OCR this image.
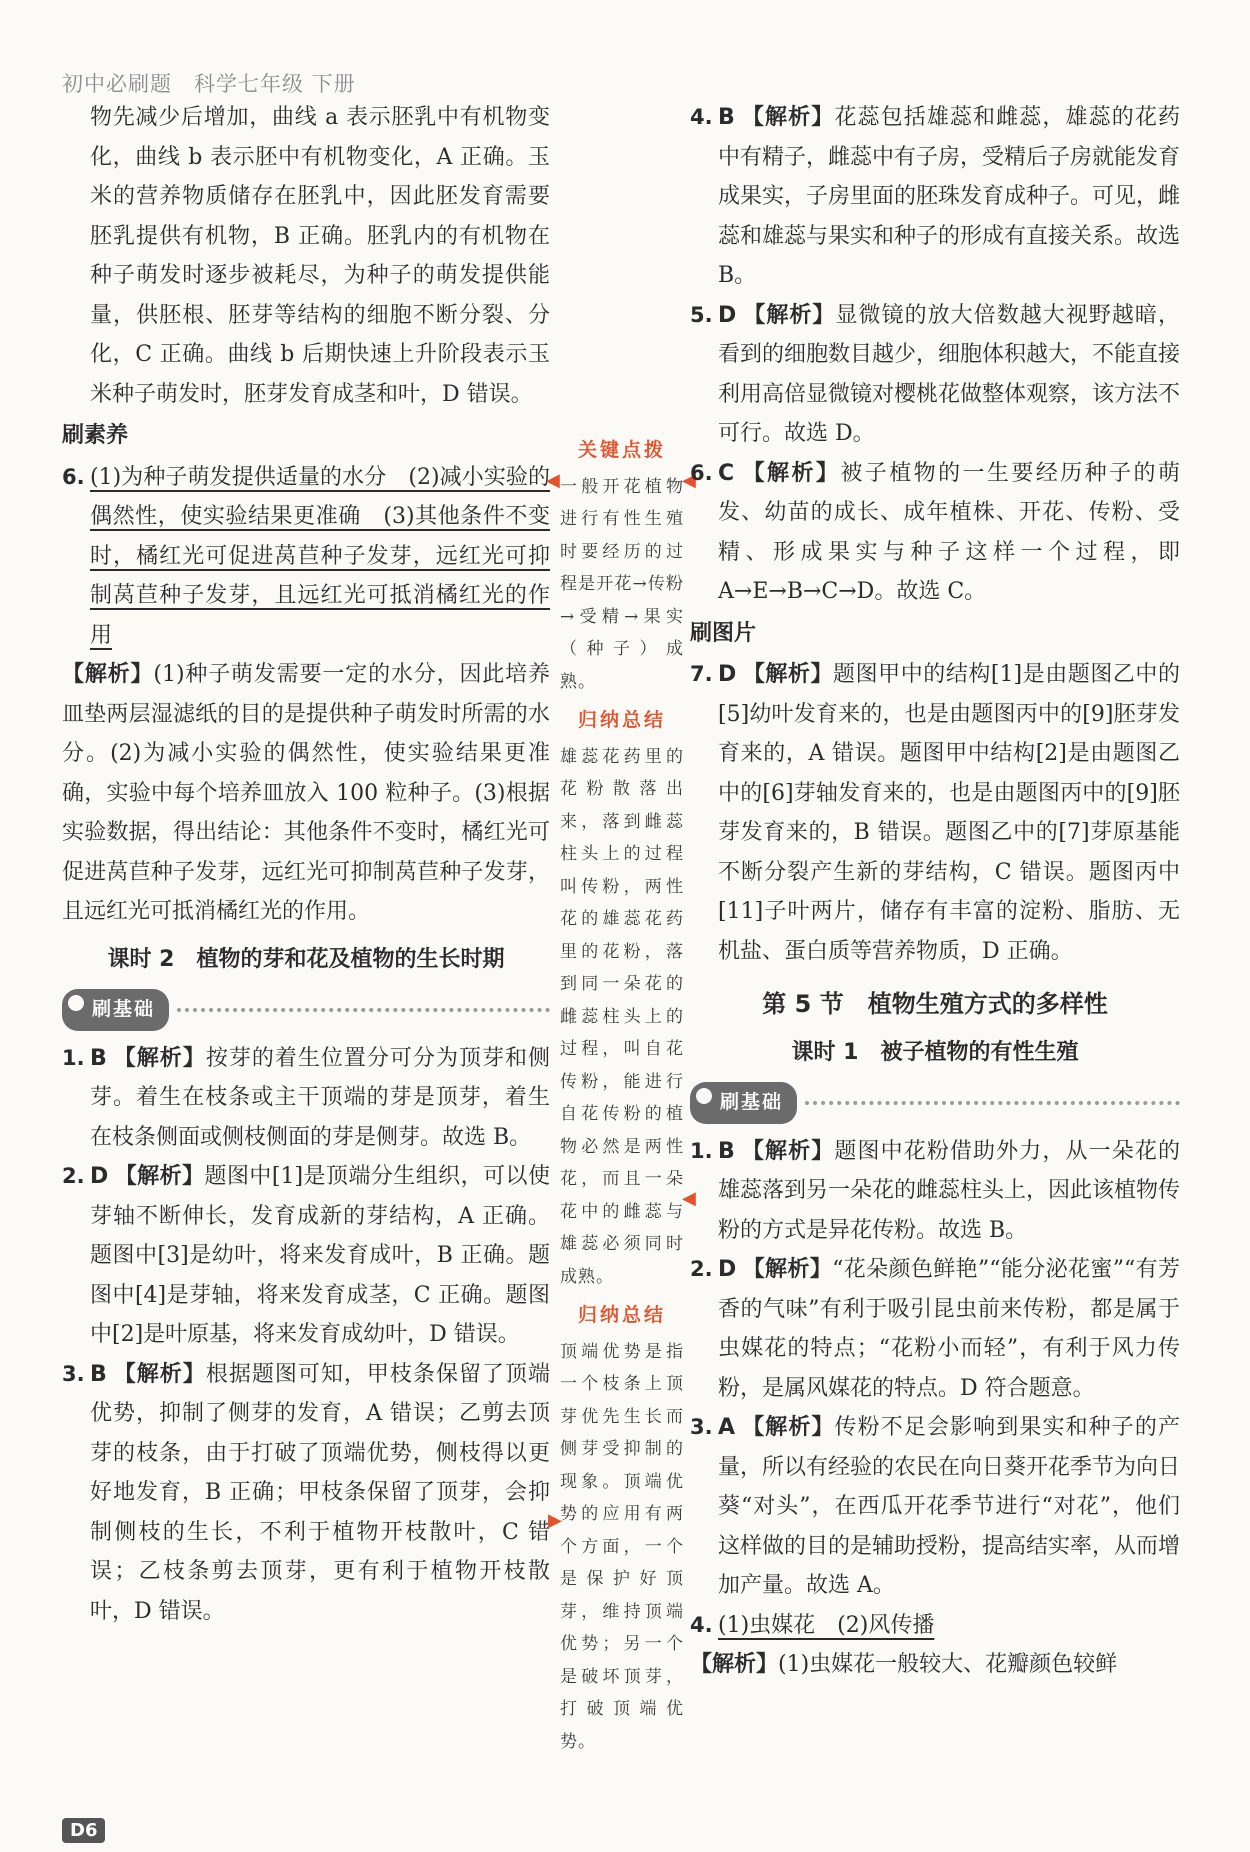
初中必刷题　科学七年级 下册

物先减少后增加，曲线 a 表示胚乳中有机物变化，曲线 b 表示胚中有机物变化，A 正确。玉米的营养物质储存在胚乳中，因此胚发育需要胚乳提供有机物，B 正确。胚乳内的有机物在种子萌发时逐步被耗尽，为种子的萌发提供能量，供胚根、胚芽等结构的细胞不断分裂、分化，C 正确。曲线 b 后期快速上升阶段表示玉米种子萌发时，胚芽发育成茎和叶，D 错误。

刷素养
6. (1)为种子萌发提供适量的水分　(2)减小实验的偶然性，使实验结果更准确　(3)其他条件不变时，橘红光可促进莴苣种子发芽，远红光可抑制莴苣种子发芽，且远红光可抵消橘红光的作用

【解析】(1)种子萌发需要一定的水分，因此培养皿垫两层湿滤纸的目的是提供种子萌发时所需的水分。(2)为减小实验的偶然性，使实验结果更准确，实验中每个培养皿放入 100 粒种子。(3)根据实验数据，得出结论：其他条件不变时，橘红光可促进莴苣种子发芽，远红光可抑制莴苣种子发芽，且远红光可抵消橘红光的作用。

课时 2　植物的芽和花及植物的生长时期
刷基础
1. B 【解析】按芽的着生位置分可分为顶芽和侧芽。着生在枝条或主干顶端的芽是顶芽，着生在枝条侧面或侧枝侧面的芽是侧芽。故选 B。
2. D 【解析】题图中[1]是顶端分生组织，可以使芽轴不断伸长，发育成新的芽结构，A 正确。题图中[3]是幼叶，将来发育成叶，B 正确。题图中[4]是芽轴，将来发育成茎，C 正确。题图中[2]是叶原基，将来发育成幼叶，D 错误。
3. B 【解析】根据题图可知，甲枝条保留了顶端优势，抑制了侧芽的发育，A 错误；乙剪去顶芽的枝条，由于打破了顶端优势，侧枝得以更好地发育，B 正确；甲枝条保留了顶芽，会抑制侧枝的生长，不利于植物开枝散叶，C 错误；乙枝条剪去顶芽，更有利于植物开枝散叶，D 错误。
关键点拨

一般开花植物进行有性生殖时要经历的过程是开花→传粉→受精→果实（种子）成熟。

归纳总结

雄蕊花药里的花粉散落出来，落到雌蕊柱头上的过程叫传粉，两性花的雄蕊花药里的花粉，落到同一朵花的雌蕊柱头上的过程，叫自花传粉，能进行自花传粉的植物必然是两性花，而且一朵花中的雌蕊与雄蕊必须同时成熟。

归纳总结

顶端优势是指一个枝条上顶芽优先生长而侧芽受抑制的现象。顶端优势的应用有两个方面，一个是保护好顶芽，维持顶端优势；另一个是破坏顶芽，打破顶端优势。

◀
◀
◀
▶
4. B 【解析】花蕊包括雄蕊和雌蕊，雄蕊的花药中有精子，雌蕊中有子房，受精后子房就能发育成果实，子房里面的胚珠发育成种子。可见，雌蕊和雄蕊与果实和种子的形成有直接关系。故选 B。
5. D 【解析】显微镜的放大倍数越大视野越暗，看到的细胞数目越少，细胞体积越大，不能直接利用高倍显微镜对樱桃花做整体观察，该方法不可行。故选 D。
6. C 【解析】被子植物的一生要经历种子的萌发、幼苗的成长、成年植株、开花、传粉、受精、形成果实与种子这样一个过程，即 A→E→B→C→D。故选 C。
刷图片
7. D 【解析】题图甲中的结构[1]是由题图乙中的[5]幼叶发育来的，也是由题图丙中的[9]胚芽发育来的，A 错误。题图甲中结构[2]是由题图乙中的[6]芽轴发育来的，也是由题图丙中的[9]胚芽发育来的，B 错误。题图乙中的[7]芽原基能不断分裂产生新的芽结构，C 错误。题图丙中[11]子叶两片，储存有丰富的淀粉、脂肪、无机盐、蛋白质等营养物质，D 正确。
第 5 节　植物生殖方式的多样性
课时 1　被子植物的有性生殖
刷基础
1. B 【解析】题图中花粉借助外力，从一朵花的雄蕊落到另一朵花的雌蕊柱头上，因此该植物传粉的方式是异花传粉。故选 B。
2. D 【解析】“花朵颜色鲜艳”“能分泌花蜜”“有芳香的气味”有利于吸引昆虫前来传粉，都是属于虫媒花的特点；“花粉小而轻”，有利于风力传粉，是属风媒花的特点。D 符合题意。
3. A 【解析】传粉不足会影响到果实和种子的产量，所以有经验的农民在向日葵开花季节为向日葵“对头”，在西瓜开花季节进行“对花”，他们这样做的目的是辅助授粉，提高结实率，从而增加产量。故选 A。
4. (1)虫媒花　(2)风传播

【解析】(1)虫媒花一般较大、花瓣颜色较鲜

D6
